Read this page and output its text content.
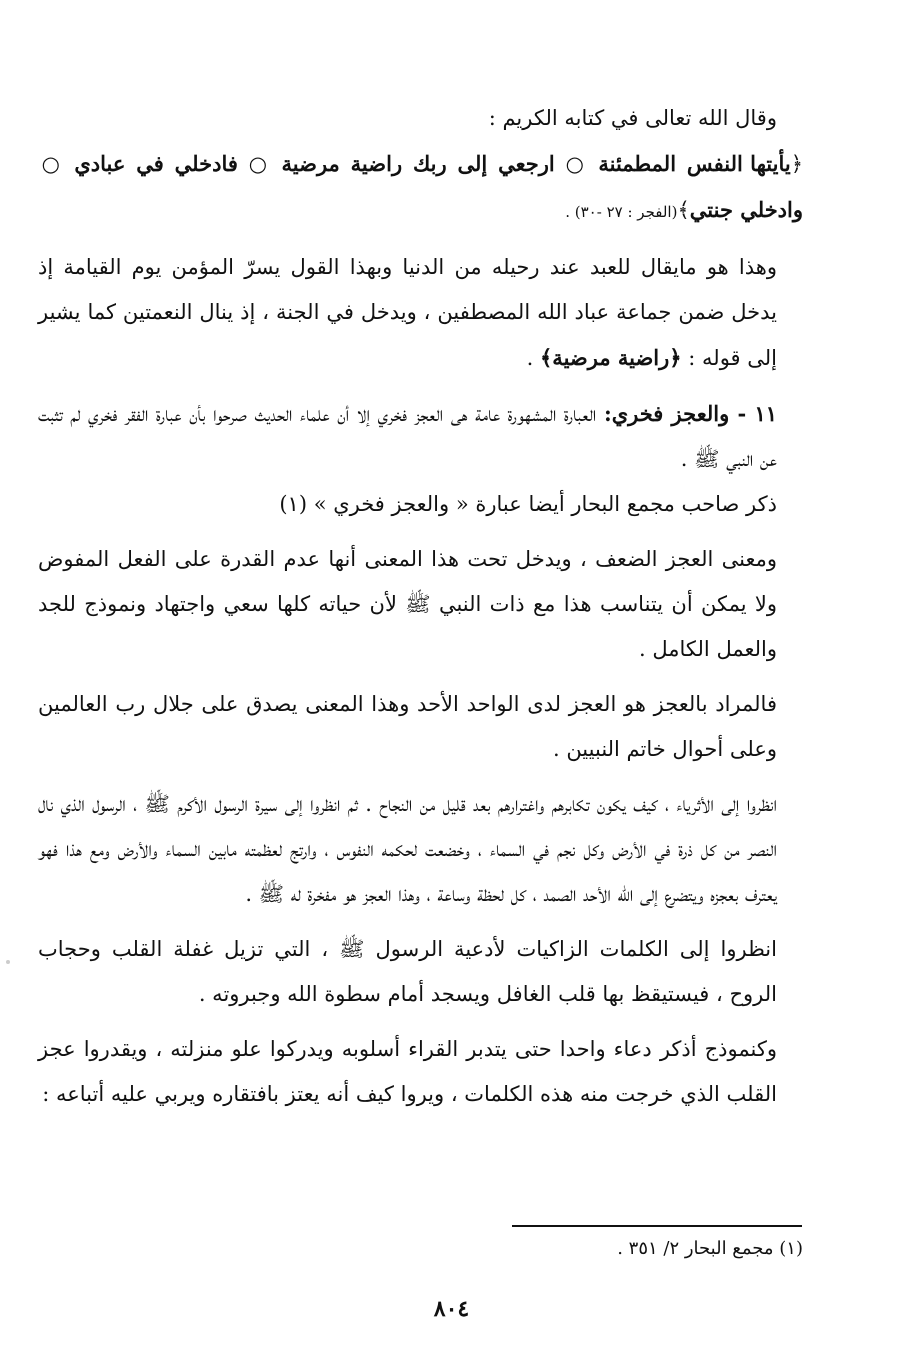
وقال الله تعالى في كتابه الكريم :

﴿يأيتها النفس المطمئنة ○ ارجعي إلى ربك راضية مرضية ○ فادخلي في عبادي ○ وادخلي جنتي﴾(الفجر : ٢٧ -٣٠) .

وهذا هو مايقال للعبد عند رحيله من الدنيا وبهذا القول يسرّ المؤمن يوم القيامة إذ يدخل ضمن جماعة عباد الله المصطفين ، ويدخل في الجنة ، إذ ينال النعمتين كما يشير إلى قوله : ﴿راضية مرضية﴾ .

١١ - والعجز فخري: العبارة المشهورة عامة هى العجز فخري إلا أن علماء الحديث صرحوا بأن عبارة الفقر فخري لم تثبت عن النبي ﷺ .

ذكر صاحب مجمع البحار أيضا عبارة « والعجز فخري » (١)

ومعنى العجز الضعف ، ويدخل تحت هذا المعنى أنها عدم القدرة على الفعل المفوض ولا يمكن أن يتناسب هذا مع ذات النبي ﷺ لأن حياته كلها سعي واجتهاد ونموذج للجد والعمل الكامل .

فالمراد بالعجز هو العجز لدى الواحد الأحد وهذا المعنى يصدق على جلال رب العالمين وعلى أحوال خاتم النبيين .

انظروا إلى الأثرياء ، كيف يكون تكابرهم واغترارهم بعد قليل من النجاح . ثم انظروا إلى سيرة الرسول الأكرم ﷺ ، الرسول الذي نال النصر من كل ذرة في الأرض وكل نجم في السماء ، وخضعت لحكمه النفوس ، وارتج لعظمته مابين السماء والأرض ومع هذا فهو يعترف بعجزه ويتضرع إلى الله الأحد الصمد ، كل لحظة وساعة ، وهذا العجز هو مفخرة له ﷺ .

انظروا إلى الكلمات الزاكيات لأدعية الرسول ﷺ ، التي تزيل غفلة القلب وحجاب الروح ، فيستيقظ بها قلب الغافل ويسجد أمام سطوة الله وجبروته .

وكنموذج أذكر دعاء واحدا حتى يتدبر القراء أسلوبه ويدركوا علو منزلته ، ويقدروا عجز القلب الذي خرجت منه هذه الكلمات ، ويروا كيف أنه يعتز بافتقاره ويربي عليه أتباعه :

(١) مجمع البحار ٢/ ٣٥١ .
٨٠٤
